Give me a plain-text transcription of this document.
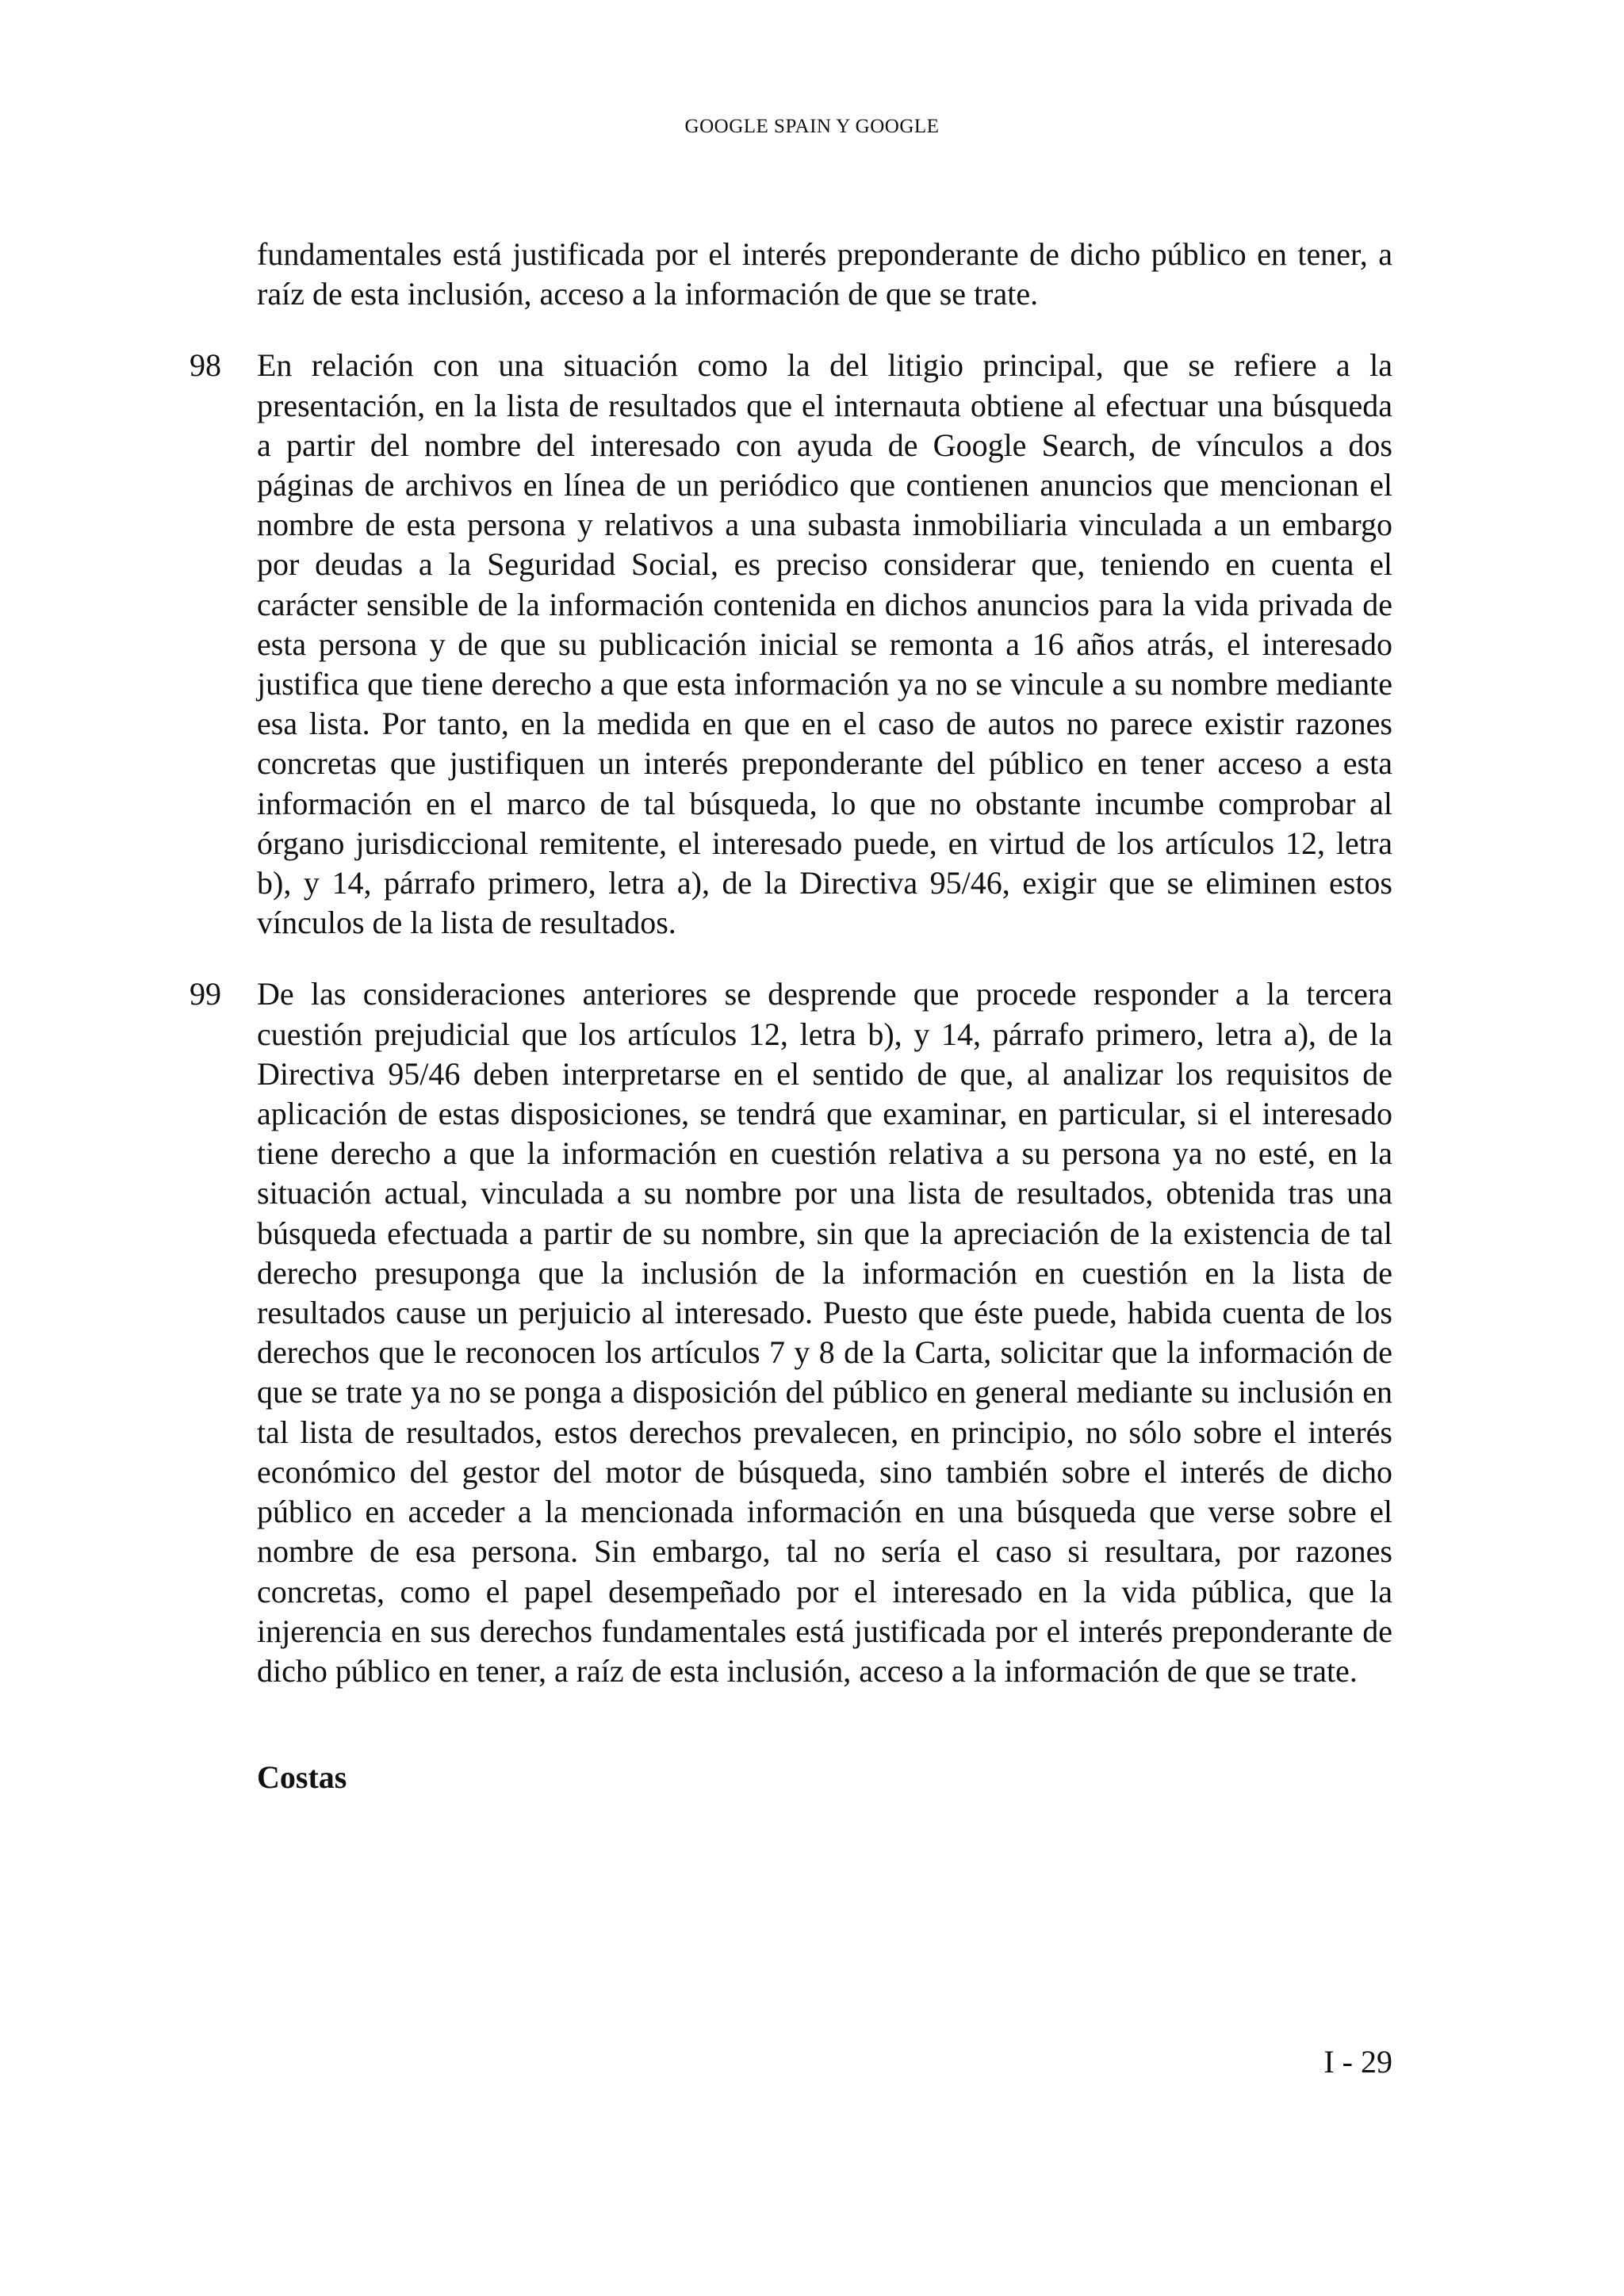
GOOGLE SPAIN Y GOOGLE
fundamentales está justificada por el interés preponderante de dicho público en tener, a raíz de esta inclusión, acceso a la información de que se trate.
98 En relación con una situación como la del litigio principal, que se refiere a la presentación, en la lista de resultados que el internauta obtiene al efectuar una búsqueda a partir del nombre del interesado con ayuda de Google Search, de vínculos a dos páginas de archivos en línea de un periódico que contienen anuncios que mencionan el nombre de esta persona y relativos a una subasta inmobiliaria vinculada a un embargo por deudas a la Seguridad Social, es preciso considerar que, teniendo en cuenta el carácter sensible de la información contenida en dichos anuncios para la vida privada de esta persona y de que su publicación inicial se remonta a 16 años atrás, el interesado justifica que tiene derecho a que esta información ya no se vincule a su nombre mediante esa lista. Por tanto, en la medida en que en el caso de autos no parece existir razones concretas que justifiquen un interés preponderante del público en tener acceso a esta información en el marco de tal búsqueda, lo que no obstante incumbe comprobar al órgano jurisdiccional remitente, el interesado puede, en virtud de los artículos 12, letra b), y 14, párrafo primero, letra a), de la Directiva 95/46, exigir que se eliminen estos vínculos de la lista de resultados.
99 De las consideraciones anteriores se desprende que procede responder a la tercera cuestión prejudicial que los artículos 12, letra b), y 14, párrafo primero, letra a), de la Directiva 95/46 deben interpretarse en el sentido de que, al analizar los requisitos de aplicación de estas disposiciones, se tendrá que examinar, en particular, si el interesado tiene derecho a que la información en cuestión relativa a su persona ya no esté, en la situación actual, vinculada a su nombre por una lista de resultados, obtenida tras una búsqueda efectuada a partir de su nombre, sin que la apreciación de la existencia de tal derecho presuponga que la inclusión de la información en cuestión en la lista de resultados cause un perjuicio al interesado. Puesto que éste puede, habida cuenta de los derechos que le reconocen los artículos 7 y 8 de la Carta, solicitar que la información de que se trate ya no se ponga a disposición del público en general mediante su inclusión en tal lista de resultados, estos derechos prevalecen, en principio, no sólo sobre el interés económico del gestor del motor de búsqueda, sino también sobre el interés de dicho público en acceder a la mencionada información en una búsqueda que verse sobre el nombre de esa persona. Sin embargo, tal no sería el caso si resultara, por razones concretas, como el papel desempeñado por el interesado en la vida pública, que la injerencia en sus derechos fundamentales está justificada por el interés preponderante de dicho público en tener, a raíz de esta inclusión, acceso a la información de que se trate.
Costas
I - 29
